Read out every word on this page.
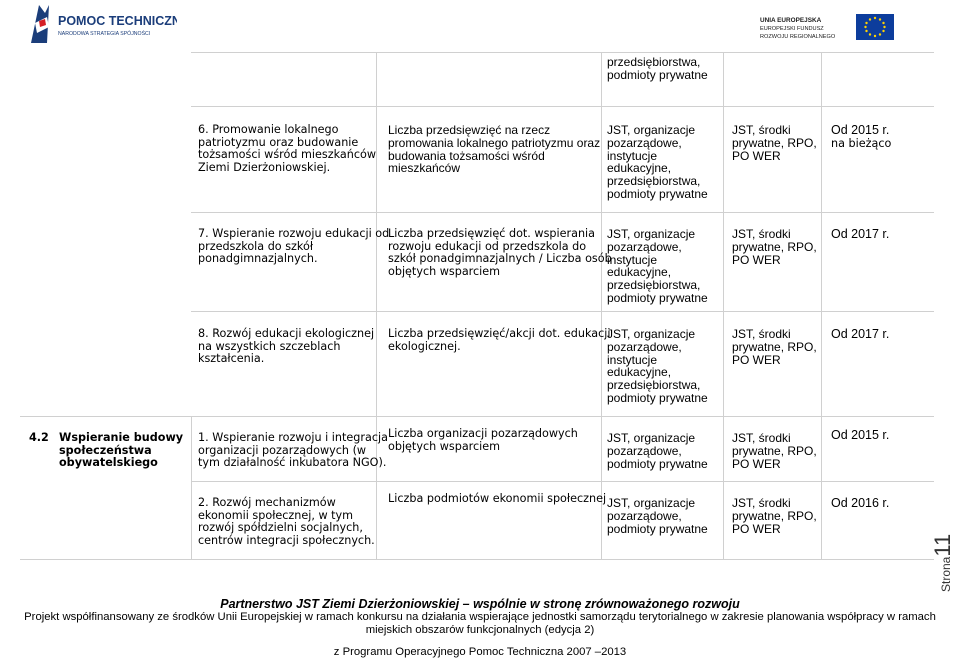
POMOC TECHNICZNA
NARODOWA STRATEGIA SPÓJNOŚCI
UNIA EUROPEJSKA
EUROPEJSKI FUNDUSZ
ROZWOJU REGIONALNEGO
przedsiębiorstwa,
podmioty prywatne
6. Promowanie lokalnego
patriotyzmu oraz budowanie
tożsamości wśród mieszkańców
Ziemi Dzierżoniowskiej.
Liczba przedsięwzięć na rzecz
promowania lokalnego patriotyzmu oraz
budowania tożsamości wśród
mieszkańców
JST, organizacje
pozarządowe,
instytucje
edukacyjne,
przedsiębiorstwa,
podmioty prywatne
JST, środki
prywatne, RPO,
PO WER
Od 2015 r.
na bieżąco
7. Wspieranie rozwoju edukacji od
przedszkola do szkół
ponadgimnazjalnych.
Liczba przedsięwzięć dot. wspierania
rozwoju edukacji od przedszkola do
szkół ponadgimnazjalnych / Liczba osób
objętych wsparciem
JST, organizacje
pozarządowe,
instytucje
edukacyjne,
przedsiębiorstwa,
podmioty prywatne
JST, środki
prywatne, RPO,
PO WER
Od 2017 r.
8. Rozwój edukacji ekologicznej
na wszystkich szczeblach
kształcenia.
Liczba przedsięwzięć/akcji dot. edukacji
ekologicznej.
JST, organizacje
pozarządowe,
instytucje
edukacyjne,
przedsiębiorstwa,
podmioty prywatne
JST, środki
prywatne, RPO,
PO WER
Od 2017 r.
4.2 Wspieranie budowy
społeczeństwa
obywatelskiego
1. Wspieranie rozwoju i integracja
organizacji pozarządowych (w
tym działalność inkubatora NGO).
Liczba organizacji pozarządowych
objętych wsparciem
JST, organizacje
pozarządowe,
podmioty prywatne
JST, środki
prywatne, RPO,
PO WER
Od 2015 r.
2. Rozwój mechanizmów
ekonomii społecznej, w tym
rozwój spółdzielni socjalnych,
centrów integracji społecznych.
Liczba podmiotów ekonomii społecznej JST, organizacje
pozarządowe,
podmioty prywatne
JST, środki
prywatne, RPO,
PO WER
Od 2016 r.
Strona11
Partnerstwo JST Ziemi Dzierżoniowskiej – wspólnie w stronę zrównoważonego rozwoju
Projekt współfinansowany ze środków Unii Europejskiej w ramach konkursu na działania wspierające jednostki samorządu terytorialnego w zakresie planowania współpracy w ramach
miejskich obszarów funkcjonalnych (edycja 2)
z Programu Operacyjnego Pomoc Techniczna 2007 –2013
